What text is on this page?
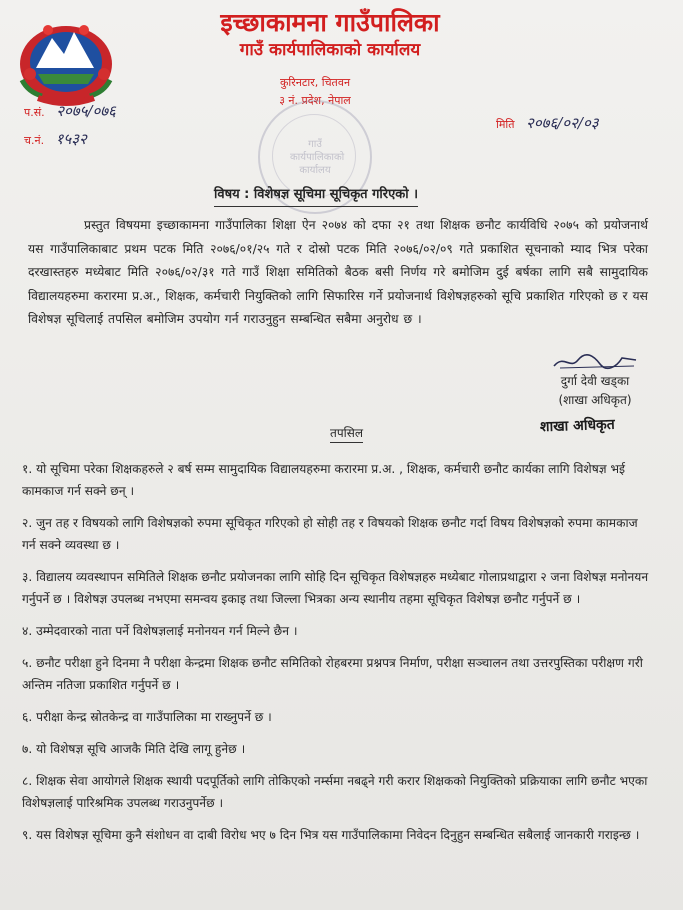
इच्छाकामना गाउँपालिका
गाउँ कार्यपालिकाको कार्यालय
कुरिनटार, चितवन
३ नं. प्रदेश, नेपाल
प.सं. २०७५/०७६
च.नं. १५३२
मिति २०७६/०२/०३
गाउँ कार्यपालिकाको कार्यालय
विषय : विशेषज्ञ सूचिमा सूचिकृत गरिएको ।
प्रस्तुत विषयमा इच्छाकामना गाउँपालिका शिक्षा ऐन २०७४ को दफा २१ तथा शिक्षक छनौट कार्यविधि २०७५ को प्रयोजनार्थ यस गाउँपालिकाबाट प्रथम पटक मिति २०७६/०१/२५ गते र दोस्रो पटक मिति २०७६/०२/०९ गते प्रकाशित सूचनाको म्याद भित्र परेका दरखास्तहरु मध्येबाट मिति २०७६/०२/३१ गते गाउँ शिक्षा समितिको बैठक बसी निर्णय गरे बमोजिम दुई बर्षका लागि सबै सामुदायिक विद्यालयहरुमा करारमा प्र.अ., शिक्षक, कर्मचारी नियुक्तिको लागि सिफारिस गर्ने प्रयोजनार्थ विशेषज्ञहरुको सूचि प्रकाशित गरिएको छ र यस विशेषज्ञ सूचिलाई तपसिल बमोजिम उपयोग गर्न गराउनुहुन सम्बन्धित सबैमा अनुरोध छ ।
दुर्गा देवी खड्का
(शाखा अधिकृत)
शाखा अधिकृत
तपसिल
१. यो सूचिमा परेका शिक्षकहरुले २ बर्ष सम्म सामुदायिक विद्यालयहरुमा करारमा प्र.अ. , शिक्षक, कर्मचारी छनौट कार्यका लागि विशेषज्ञ भई कामकाज गर्न सक्ने छन् ।
२. जुन तह र विषयको लागि विशेषज्ञको रुपमा सूचिकृत गरिएको हो सोही तह र विषयको शिक्षक छनौट गर्दा विषय विशेषज्ञको रुपमा कामकाज गर्न सक्ने व्यवस्था छ ।
३. विद्यालय व्यवस्थापन समितिले शिक्षक छनौट प्रयोजनका लागि सोहि दिन सूचिकृत विशेषज्ञहरु मध्येबाट गोलाप्रथाद्वारा २ जना विशेषज्ञ मनोनयन गर्नुपर्ने छ । विशेषज्ञ उपलब्ध नभएमा समन्वय इकाइ तथा जिल्ला भित्रका अन्य स्थानीय तहमा सूचिकृत विशेषज्ञ छनौट गर्नुपर्ने छ ।
४. उम्मेदवारको नाता पर्ने विशेषज्ञलाई मनोनयन गर्न मिल्ने छैन ।
५. छनौट परीक्षा हुने दिनमा नै परीक्षा केन्द्रमा शिक्षक छनौट समितिको रोहबरमा प्रश्नपत्र निर्माण, परीक्षा सञ्चालन तथा उत्तरपुस्तिका परीक्षण गरी अन्तिम नतिजा प्रकाशित गर्नुपर्ने छ ।
६. परीक्षा केन्द्र स्रोतकेन्द्र वा गाउँपालिका मा राख्नुपर्ने छ ।
७. यो विशेषज्ञ सूचि आजकै मिति देखि लागू हुनेछ ।
८. शिक्षक सेवा आयोगले शिक्षक स्थायी पदपूर्तिको लागि तोकिएको नर्म्समा नबढ्ने गरी करार शिक्षकको नियुक्तिको प्रक्रियाका लागि छनौट भएका विशेषज्ञलाई पारिश्रमिक उपलब्ध गराउनुपर्नेछ ।
९. यस विशेषज्ञ सूचिमा कुनै संशोधन वा दाबी विरोध भए ७ दिन भित्र यस गाउँपालिकामा निवेदन दिनुहुन सम्बन्धित सबैलाई जानकारी गराइन्छ ।
